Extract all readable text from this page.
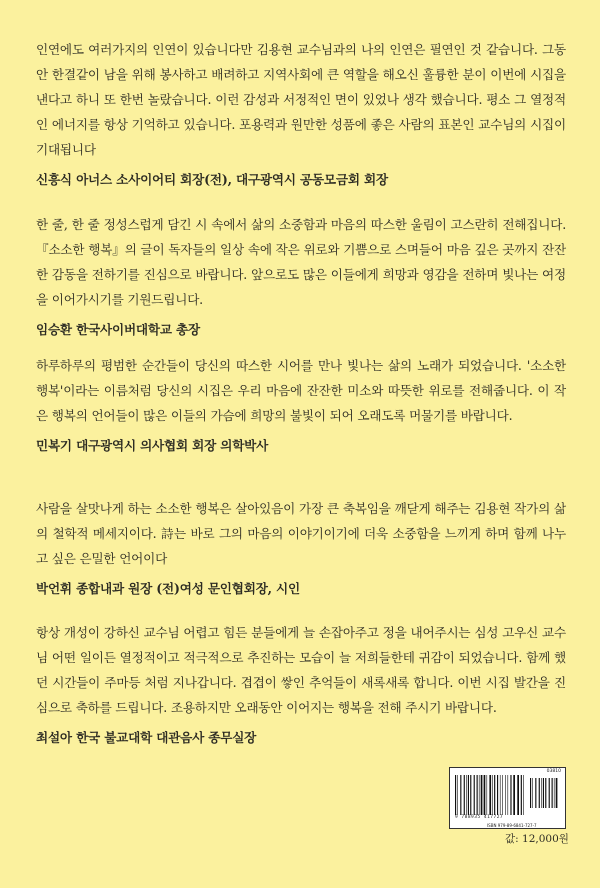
인연에도 여러가지의 인연이 있습니다만 김용현 교수님과의 나의 인연은 필연인 것 같습니다. 그동안 한결같이 남을 위해 봉사하고 배려하고 지역사회에 큰 역할을 해오신 훌륭한 분이 이번에 시집을 낸다고 하니 또 한번 놀랐습니다. 이런 감성과 서정적인 면이 있었나 생각 했습니다. 평소 그 열정적인 에너지를 항상 기억하고 있습니다. 포용력과 원만한 성품에 좋은 사람의 표본인 교수님의 시집이 기대됩니다

신흥식 아너스 소사이어티 회장(전), 대구광역시 공동모금회 회장

한 줄, 한 줄 정성스럽게 담긴 시 속에서 삶의 소중함과 마음의 따스한 울림이 고스란히 전해집니다.『소소한 행복』의 글이 독자들의 일상 속에 작은 위로와 기쁨으로 스며들어 마음 깊은 곳까지 잔잔한 감동을 전하기를 진심으로 바랍니다. 앞으로도 많은 이들에게 희망과 영감을 전하며 빛나는 여정을 이어가시기를 기원드립니다.

임승환 한국사이버대학교 총장

하루하루의 평범한 순간들이 당신의 따스한 시어를 만나 빛나는 삶의 노래가 되었습니다. '소소한 행복'이라는 이름처럼 당신의 시집은 우리 마음에 잔잔한 미소와 따뜻한 위로를 전해줍니다. 이 작은 행복의 언어들이 많은 이들의 가슴에 희망의 불빛이 되어 오래도록 머물기를 바랍니다.

민복기 대구광역시 의사협회 회장 의학박사

사람을 살맛나게 하는 소소한 행복은 살아있음이 가장 큰 축복임을 깨닫게 해주는 김용현 작가의 삶의 철학적 메세지이다. 詩는 바로 그의 마음의 이야기이기에 더욱 소중함을 느끼게 하며 함께 나누고 싶은 은밀한 언어이다

박언휘 종합내과 원장 (전)여성 문인협회장, 시인

항상 개성이 강하신 교수님 어렵고 힘든 분들에게 늘 손잡아주고 정을 내어주시는 심성 고우신 교수님 어떤 일이든 열정적이고 적극적으로 추진하는 모습이 늘 저희들한테 귀감이 되었습니다. 함께 했던 시간들이 주마등 처럼 지나갑니다. 겹겹이 쌓인 추억들이 새록새록 합니다. 이번 시집 발간을 진심으로 축하를 드립니다. 조용하지만 오래동안 이어지는 행복을 전해 주시기 바랍니다.

최설아 한국 불교대학 대관음사 종무실장
03810
9 788935 417727
ISBN 979-89-6841-727-7
값: 12,000원
